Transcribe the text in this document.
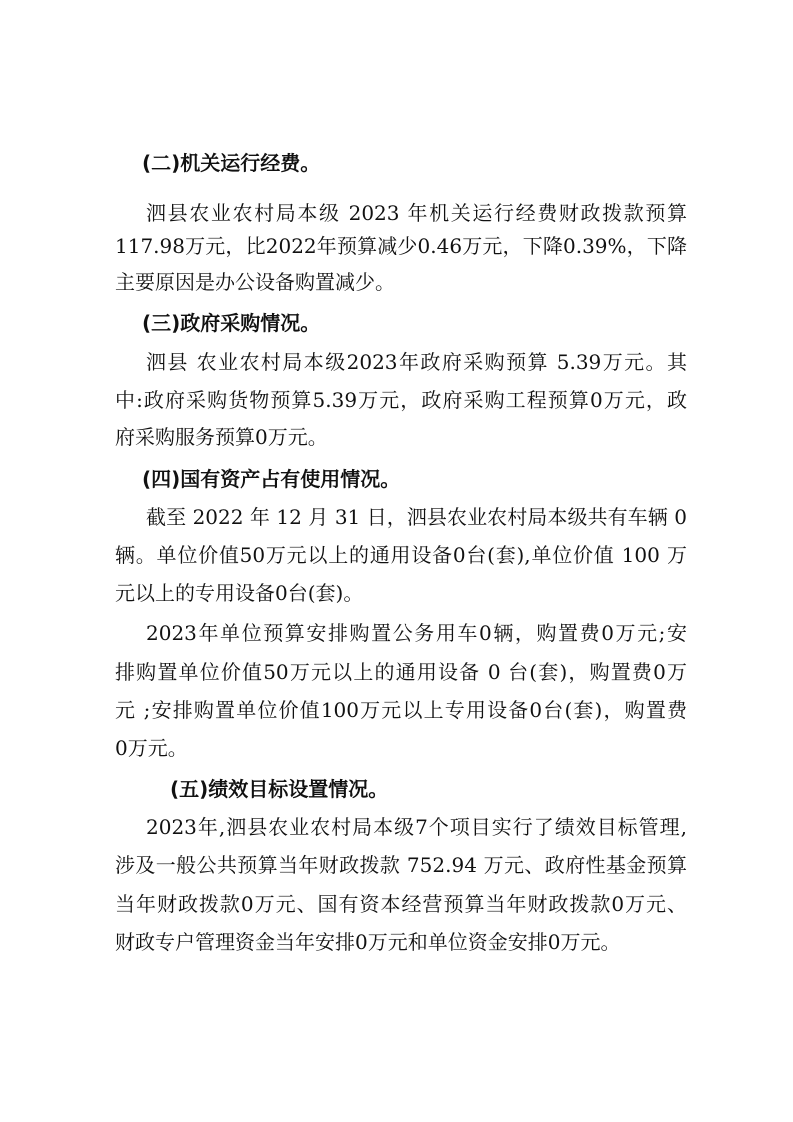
(二)机关运行经费。
泗县农业农村局本级 2023 年机关运行经费财政拨款预算
117.98万元，比2022年预算减少0.46万元，下降0.39%，下降
主要原因是办公设备购置减少。
(三)政府采购情况。
泗县 农业农村局本级2023年政府采购预算 5.39万元。其
中:政府采购货物预算5.39万元，政府采购工程预算0万元，政
府采购服务预算0万元。
(四)国有资产占有使用情况。
截至 2022 年 12 月 31 日，泗县农业农村局本级共有车辆 0
辆。单位价值50万元以上的通用设备0台(套),单位价值 100 万
元以上的专用设备0台(套)。
2023年单位预算安排购置公务用车0辆，购置费0万元;安
排购置单位价值50万元以上的通用设备 0 台(套)，购置费0万
元 ;安排购置单位价值100万元以上专用设备0台(套)，购置费
0万元。
(五)绩效目标设置情况。
2023年,泗县农业农村局本级7个项目实行了绩效目标管理,
涉及一般公共预算当年财政拨款 752.94 万元、政府性基金预算
当年财政拨款0万元、国有资本经营预算当年财政拨款0万元、
财政专户管理资金当年安排0万元和单位资金安排0万元。
